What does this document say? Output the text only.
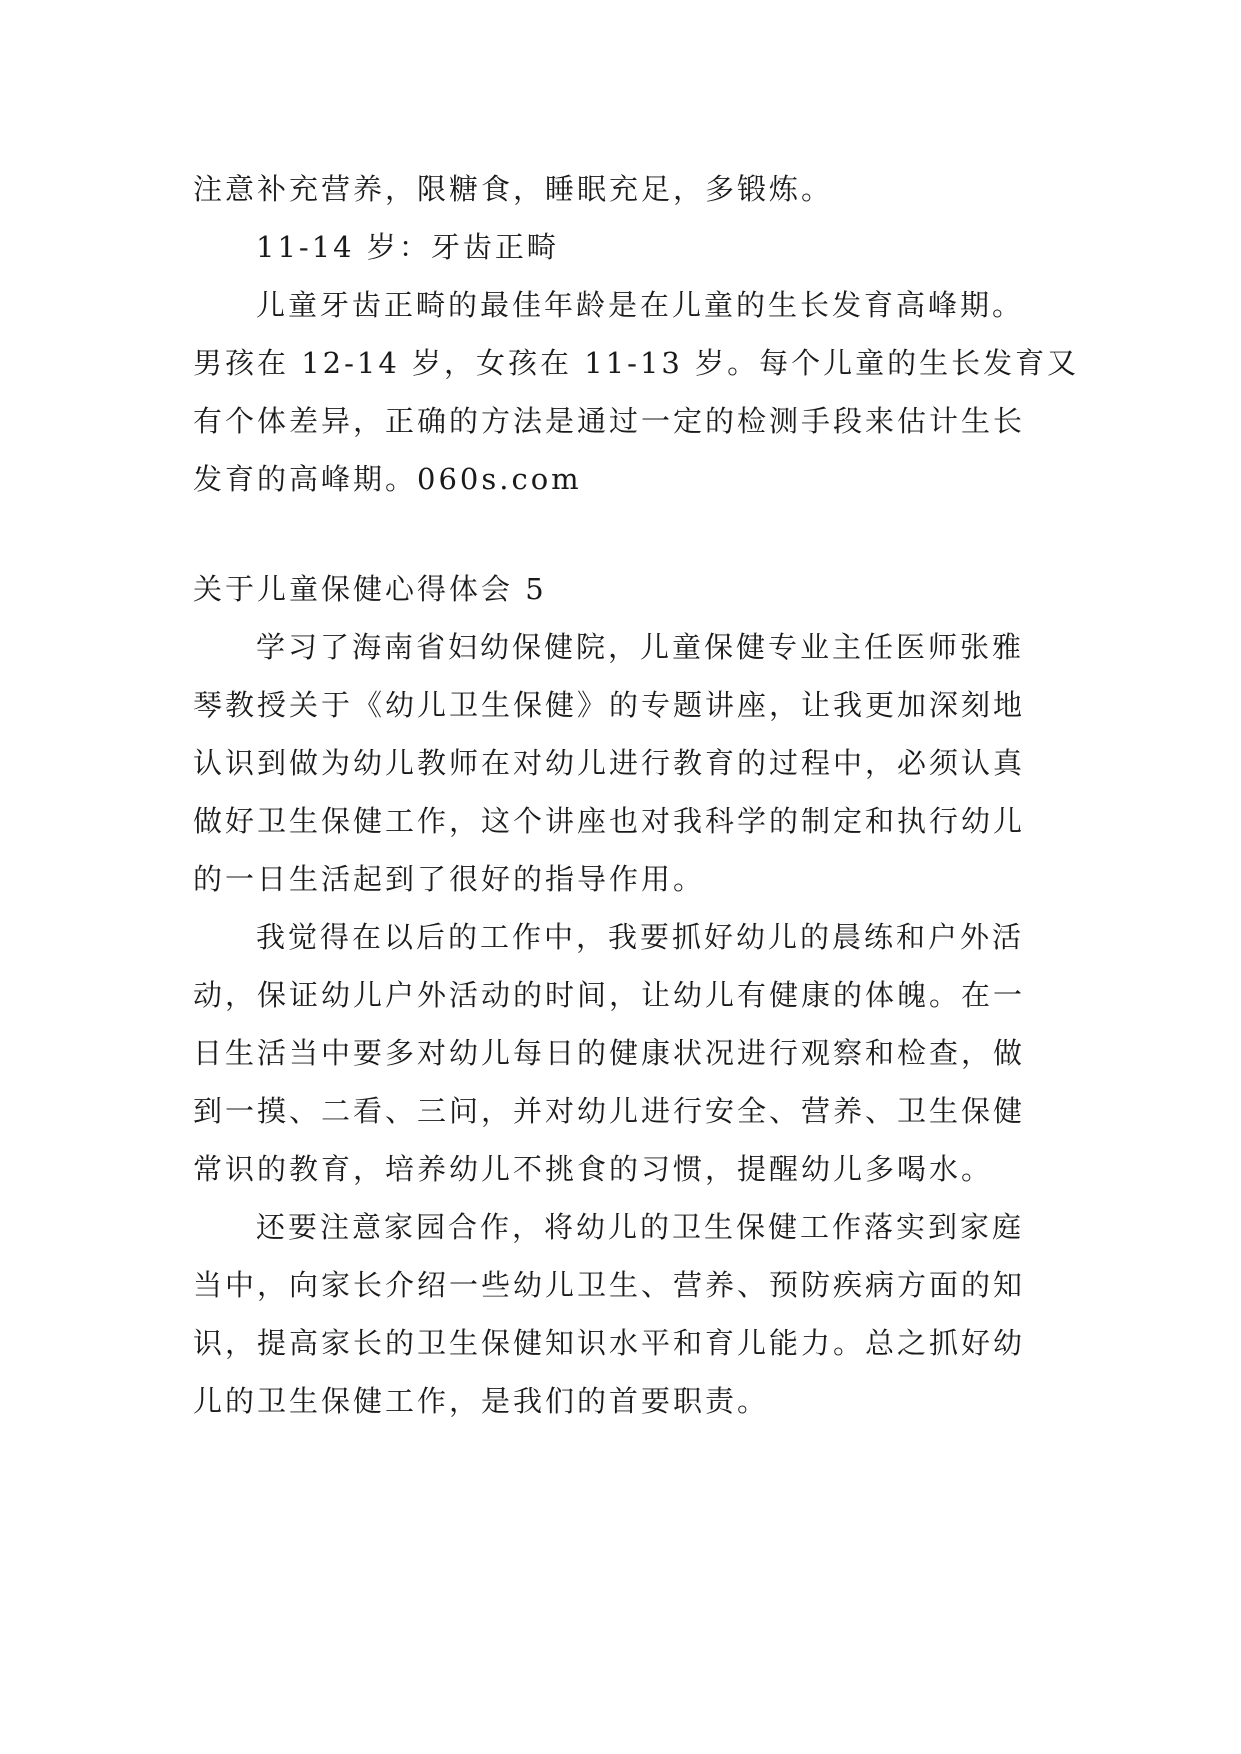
注意补充营养，限糖食，睡眠充足，多锻炼。
11-14 岁：牙齿正畸
儿童牙齿正畸的最佳年龄是在儿童的生长发育高峰期。
男孩在 12-14 岁，女孩在 11-13 岁。每个儿童的生长发育又
有个体差异，正确的方法是通过一定的检测手段来估计生长
发育的高峰期。060s.com
关于儿童保健心得体会 5
学习了海南省妇幼保健院，儿童保健专业主任医师张雅
琴教授关于《幼儿卫生保健》的专题讲座，让我更加深刻地
认识到做为幼儿教师在对幼儿进行教育的过程中，必须认真
做好卫生保健工作，这个讲座也对我科学的制定和执行幼儿
的一日生活起到了很好的指导作用。
我觉得在以后的工作中，我要抓好幼儿的晨练和户外活
动，保证幼儿户外活动的时间，让幼儿有健康的体魄。在一
日生活当中要多对幼儿每日的健康状况进行观察和检查，做
到一摸、二看、三问，并对幼儿进行安全、营养、卫生保健
常识的教育，培养幼儿不挑食的习惯，提醒幼儿多喝水。
还要注意家园合作，将幼儿的卫生保健工作落实到家庭
当中，向家长介绍一些幼儿卫生、营养、预防疾病方面的知
识，提高家长的卫生保健知识水平和育儿能力。总之抓好幼
儿的卫生保健工作，是我们的首要职责。
